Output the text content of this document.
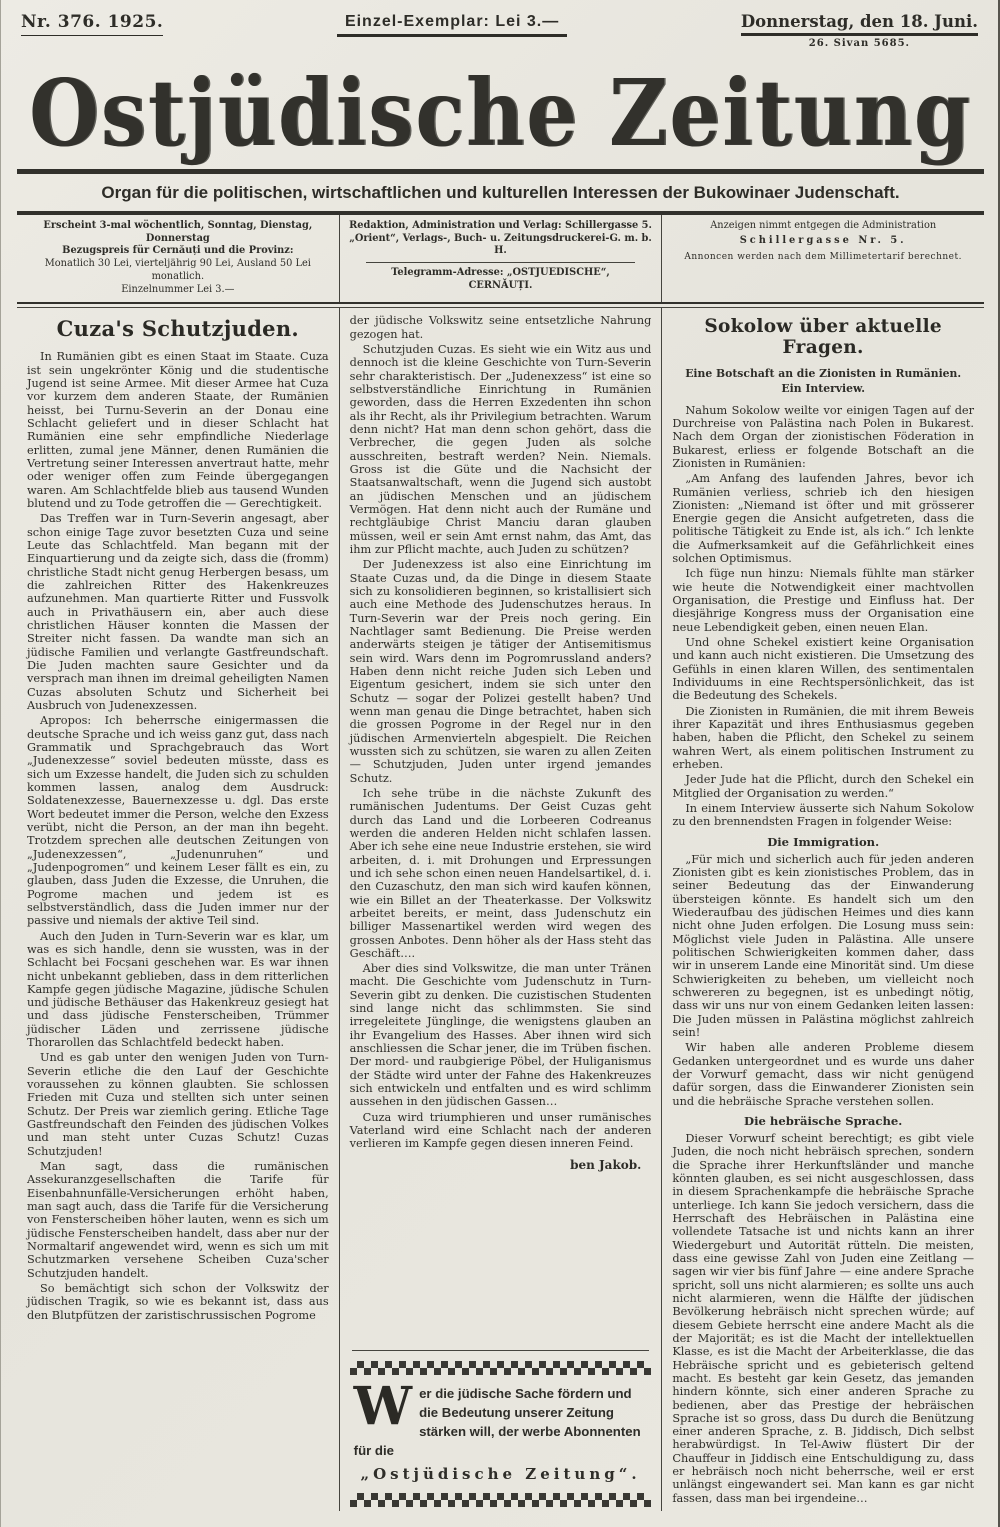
Nr. 376. 1925.	Einzel-Exemplar: Lei 3.—	Donnerstag, den 18. Juni.
26. Sivan 5685.
Ostjüdische Zeitung
Organ für die politischen, wirtschaftlichen und kulturellen Interessen der Bukowinaer Judenschaft.

Erscheint 3-mal wöchentlich, Sonntag, Dienstag, Donnerstag

Bezugspreis für Cernăuți und die Provinz:

Monatlich 30 Lei, vierteljährig 90 Lei, Ausland 50 Lei monatlich.

Einzelnummer Lei 3.—

Redaktion, Administration und Verlag: Schillergasse 5.

„Orient“, Verlags-, Buch- u. Zeitungsdruckerei-G. m. b. H.

Telegramm-Adresse: „OSTJUEDISCHE“, CERNĂUȚI.

Anzeigen nimmt entgegen die Administration

Schillergasse Nr. 5.

Annoncen werden nach dem Millimetertarif berechnet.

Cuza's Schutzjuden.

In Rumänien gibt es einen Staat im Staate. Cuza ist sein ungekrönter König und die studentische Jugend ist seine Armee. Mit dieser Armee hat Cuza vor kurzem dem anderen Staate, der Rumänien heisst, bei Turnu-Severin an der Donau eine Schlacht geliefert und in dieser Schlacht hat Rumänien eine sehr empfindliche Niederlage erlitten, zumal jene Männer, denen Rumänien die Vertretung seiner Interessen anvertraut hatte, mehr oder weniger offen zum Feinde übergegangen waren. Am Schlachtfelde blieb aus tausend Wunden blutend und zu Tode getroffen die — Gerechtigkeit.

Das Treffen war in Turn-Severin angesagt, aber schon einige Tage zuvor besetzten Cuza und seine Leute das Schlachtfeld. Man begann mit der Einquartierung und da zeigte sich, dass die (fromm) christliche Stadt nicht genug Herbergen besass, um die zahlreichen Ritter des Hakenkreuzes aufzunehmen. Man quartierte Ritter und Fussvolk auch in Privathäusern ein, aber auch diese christlichen Häuser konnten die Massen der Streiter nicht fassen. Da wandte man sich an jüdische Familien und verlangte Gastfreundschaft. Die Juden machten saure Gesichter und da versprach man ihnen im dreimal geheiligten Namen Cuzas absoluten Schutz und Sicherheit bei Ausbruch von Judenexzessen.

Apropos: Ich beherrsche einigermassen die deutsche Sprache und ich weiss ganz gut, dass nach Grammatik und Sprachgebrauch das Wort „Judenexzesse“ soviel bedeuten müsste, dass es sich um Exzesse handelt, die Juden sich zu schulden kommen lassen, analog dem Ausdruck: Soldatenexzesse, Bauernexzesse u. dgl. Das erste Wort bedeutet immer die Person, welche den Exzess verübt, nicht die Person, an der man ihn begeht. Trotzdem sprechen alle deutschen Zeitungen von „Judenexzessen“, „Judenunruhen“ und „Judenpogromen“ und keinem Leser fällt es ein, zu glauben, dass Juden die Exzesse, die Unruhen, die Pogrome machen und jedem ist es selbstverständlich, dass die Juden immer nur der passive und niemals der aktive Teil sind.

Auch den Juden in Turn-Severin war es klar, um was es sich handle, denn sie wussten, was in der Schlacht bei Focșani geschehen war. Es war ihnen nicht unbekannt geblieben, dass in dem ritterlichen Kampfe gegen jüdische Magazine, jüdische Schulen und jüdische Bethäuser das Hakenkreuz gesiegt hat und dass jüdische Fensterscheiben, Trümmer jüdischer Läden und zerrissene jüdische Thorarollen das Schlachtfeld bedeckt haben.

Und es gab unter den wenigen Juden von Turn-Severin etliche die den Lauf der Geschichte voraussehen zu können glaubten. Sie schlossen Frieden mit Cuza und stellten sich unter seinen Schutz. Der Preis war ziemlich gering. Etliche Tage Gastfreundschaft den Feinden des jüdischen Volkes und man steht unter Cuzas Schutz! Cuzas Schutzjuden!

Man sagt, dass die rumänischen Assekuranzgesellschaften die Tarife für Eisenbahnunfälle-Versicherungen erhöht haben, man sagt auch, dass die Tarife für die Versicherung von Fensterscheiben höher lauten, wenn es sich um jüdische Fensterscheiben handelt, dass aber nur der Normaltarif angewendet wird, wenn es sich um mit Schutzmarken versehene Scheiben Cuza'scher Schutzjuden handelt.

So bemächtigt sich schon der Volkswitz der jüdischen Tragik, so wie es bekannt ist, dass aus den Blutpfützen der zaristischrussischen Pogrome

der jüdische Volkswitz seine entsetzliche Nahrung gezogen hat.

Schutzjuden Cuzas. Es sieht wie ein Witz aus und dennoch ist die kleine Geschichte von Turn-Severin sehr charakteristisch. Der „Judenexzess“ ist eine so selbstverständliche Einrichtung in Rumänien geworden, dass die Herren Exzedenten ihn schon als ihr Recht, als ihr Privilegium betrachten. Warum denn nicht? Hat man denn schon gehört, dass die Verbrecher, die gegen Juden als solche ausschreiten, bestraft werden? Nein. Niemals. Gross ist die Güte und die Nachsicht der Staatsanwaltschaft, wenn die Jugend sich austobt an jüdischen Menschen und an jüdischem Vermögen. Hat denn nicht auch der Rumäne und rechtgläubige Christ Manciu daran glauben müssen, weil er sein Amt ernst nahm, das Amt, das ihm zur Pflicht machte, auch Juden zu schützen?

Der Judenexzess ist also eine Einrichtung im Staate Cuzas und, da die Dinge in diesem Staate sich zu konsolidieren beginnen, so kristallisiert sich auch eine Methode des Judenschutzes heraus. In Turn-Severin war der Preis noch gering. Ein Nachtlager samt Bedienung. Die Preise werden anderwärts steigen je tätiger der Antisemitismus sein wird. Wars denn im Pogromrussland anders? Haben denn nicht reiche Juden sich Leben und Eigentum gesichert, indem sie sich unter den Schutz — sogar der Polizei gestellt haben? Und wenn man genau die Dinge betrachtet, haben sich die grossen Pogrome in der Regel nur in den jüdischen Armenvierteln abgespielt. Die Reichen wussten sich zu schützen, sie waren zu allen Zeiten — Schutzjuden, Juden unter irgend jemandes Schutz.

Ich sehe trübe in die nächste Zukunft des rumänischen Judentums. Der Geist Cuzas geht durch das Land und die Lorbeeren Codreanus werden die anderen Helden nicht schlafen lassen. Aber ich sehe eine neue Industrie erstehen, sie wird arbeiten, d. i. mit Drohungen und Erpressungen und ich sehe schon einen neuen Handelsartikel, d. i. den Cuzaschutz, den man sich wird kaufen können, wie ein Billet an der Theaterkasse. Der Volkswitz arbeitet bereits, er meint, dass Judenschutz ein billiger Massenartikel werden wird wegen des grossen Anbotes. Denn höher als der Hass steht das Geschäft….

Aber dies sind Volkswitze, die man unter Tränen macht. Die Geschichte vom Judenschutz in Turn-Severin gibt zu denken. Die cuzistischen Studenten sind lange nicht das schlimmsten. Sie sind irregeleitete Jünglinge, die wenigstens glauben an ihr Evangelium des Hasses. Aber ihnen wird sich anschliessen die Schar jener, die im Trüben fischen. Der mord- und raubgierige Pöbel, der Huliganismus der Städte wird unter der Fahne des Hakenkreuzes sich entwickeln und entfalten und es wird schlimm aussehen in den jüdischen Gassen…

Cuza wird triumphieren und unser rumänisches Vaterland wird eine Schlacht nach der anderen verlieren im Kampfe gegen diesen inneren Feind.

ben Jakob.
W er die jüdische Sache fördern und die Bedeutung unserer Zeitung stärken will, der werbe Abonnenten für die
„Ostjüdische Zeitung“.
Sokolow über aktuelle Fragen.
Eine Botschaft an die Zionisten in Rumänien.
Ein Interview.

Nahum Sokolow weilte vor einigen Tagen auf der Durchreise von Palästina nach Polen in Bukarest. Nach dem Organ der zionistischen Föderation in Bukarest, erliess er folgende Botschaft an die Zionisten in Rumänien:

„Am Anfang des laufenden Jahres, bevor ich Rumänien verliess, schrieb ich den hiesigen Zionisten: „Niemand ist öfter und mit grösserer Energie gegen die Ansicht aufgetreten, dass die politische Tätigkeit zu Ende ist, als ich.“ Ich lenkte die Aufmerksamkeit auf die Gefährlichkeit eines solchen Optimismus.

Ich füge nun hinzu: Niemals fühlte man stärker wie heute die Notwendigkeit einer machtvollen Organisation, die Prestige und Einfluss hat. Der diesjährige Kongress muss der Organisation eine neue Lebendigkeit geben, einen neuen Elan.

Und ohne Schekel existiert keine Organisation und kann auch nicht existieren. Die Umsetzung des Gefühls in einen klaren Willen, des sentimentalen Individuums in eine Rechtspersönlichkeit, das ist die Bedeutung des Schekels.

Die Zionisten in Rumänien, die mit ihrem Beweis ihrer Kapazität und ihres Enthusiasmus gegeben haben, haben die Pflicht, den Schekel zu seinem wahren Wert, als einem politischen Instrument zu erheben.

Jeder Jude hat die Pflicht, durch den Schekel ein Mitglied der Organisation zu werden.“

In einem Interview äusserte sich Nahum Sokolow zu den brennendsten Fragen in folgender Weise:

Die Immigration.

„Für mich und sicherlich auch für jeden anderen Zionisten gibt es kein zionistisches Problem, das in seiner Bedeutung das der Einwanderung übersteigen könnte. Es handelt sich um den Wiederaufbau des jüdischen Heimes und dies kann nicht ohne Juden erfolgen. Die Losung muss sein: Möglichst viele Juden in Palästina. Alle unsere politischen Schwierigkeiten kommen daher, dass wir in unserem Lande eine Minorität sind. Um diese Schwierigkeiten zu beheben, um vielleicht noch schwereren zu begegnen, ist es unbedingt nötig, dass wir uns nur von einem Gedanken leiten lassen: Die Juden müssen in Palästina möglichst zahlreich sein!

Wir haben alle anderen Probleme diesem Gedanken untergeordnet und es wurde uns daher der Vorwurf gemacht, dass wir nicht genügend dafür sorgen, dass die Einwanderer Zionisten sein und die hebräische Sprache verstehen sollen.

Die hebräische Sprache.

Dieser Vorwurf scheint berechtigt; es gibt viele Juden, die noch nicht hebräisch sprechen, sondern die Sprache ihrer Herkunftsländer und manche könnten glauben, es sei nicht ausgeschlossen, dass in diesem Sprachenkampfe die hebräische Sprache unterliege. Ich kann Sie jedoch versichern, dass die Herrschaft des Hebräischen in Palästina eine vollendete Tatsache ist und nichts kann an ihrer Wiedergeburt und Autorität rütteln. Die meisten, dass eine gewisse Zahl von Juden eine Zeitlang — sagen wir vier bis fünf Jahre — eine andere Sprache spricht, soll uns nicht alarmieren; es sollte uns auch nicht alarmieren, wenn die Hälfte der jüdischen Bevölkerung hebräisch nicht sprechen würde; auf diesem Gebiete herrscht eine andere Macht als die der Majorität; es ist die Macht der intellektuellen Klasse, es ist die Macht der Arbeiterklasse, die das Hebräische spricht und es gebieterisch geltend macht. Es besteht gar kein Gesetz, das jemanden hindern könnte, sich einer anderen Sprache zu bedienen, aber das Prestige der hebräischen Sprache ist so gross, dass Du durch die Benützung einer anderen Sprache, z. B. Jiddisch, Dich selbst herabwürdigst. In Tel-Awiw flüstert Dir der Chauffeur in Jiddisch eine Entschuldigung zu, dass er hebräisch noch nicht beherrsche, weil er erst unlängst eingewandert sei. Man kann es gar nicht fassen, dass man bei irgendeine…
